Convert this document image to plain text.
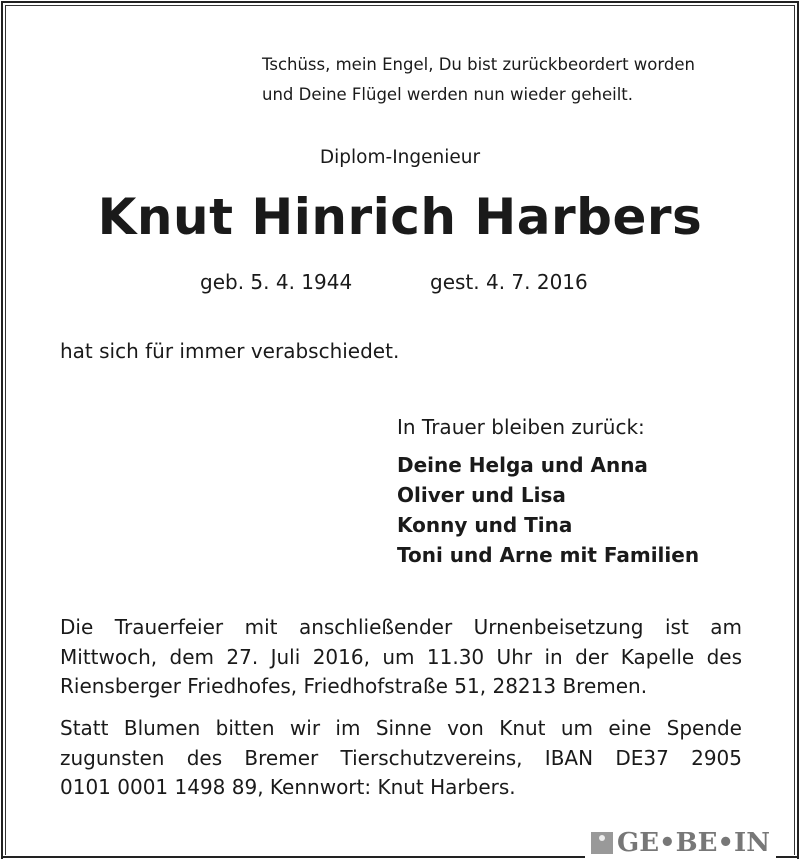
Tschüss, mein Engel, Du bist zurückbeordert worden
und Deine Flügel werden nun wieder geheilt.
Diplom-Ingenieur
Knut Hinrich Harbers
geb. 5. 4. 1944	gest. 4. 7. 2016
hat sich für immer verabschiedet.
In Trauer bleiben zurück:
Deine Helga und Anna
Oliver und Lisa
Konny und Tina
Toni und Arne mit Familien
Die Trauerfeier mit anschließender Urnenbeisetzung ist am
Mittwoch, dem 27. Juli 2016, um 11.30 Uhr in der Kapelle des
Riensberger Friedhofes, Friedhofstraße 51, 28213 Bremen.
Statt Blumen bitten wir im Sinne von Knut um eine Spende
zugunsten des Bremer Tierschutzvereins, IBAN DE37 2905
0101 0001 1498 89, Kennwort: Knut Harbers.
GE•BE•IN
